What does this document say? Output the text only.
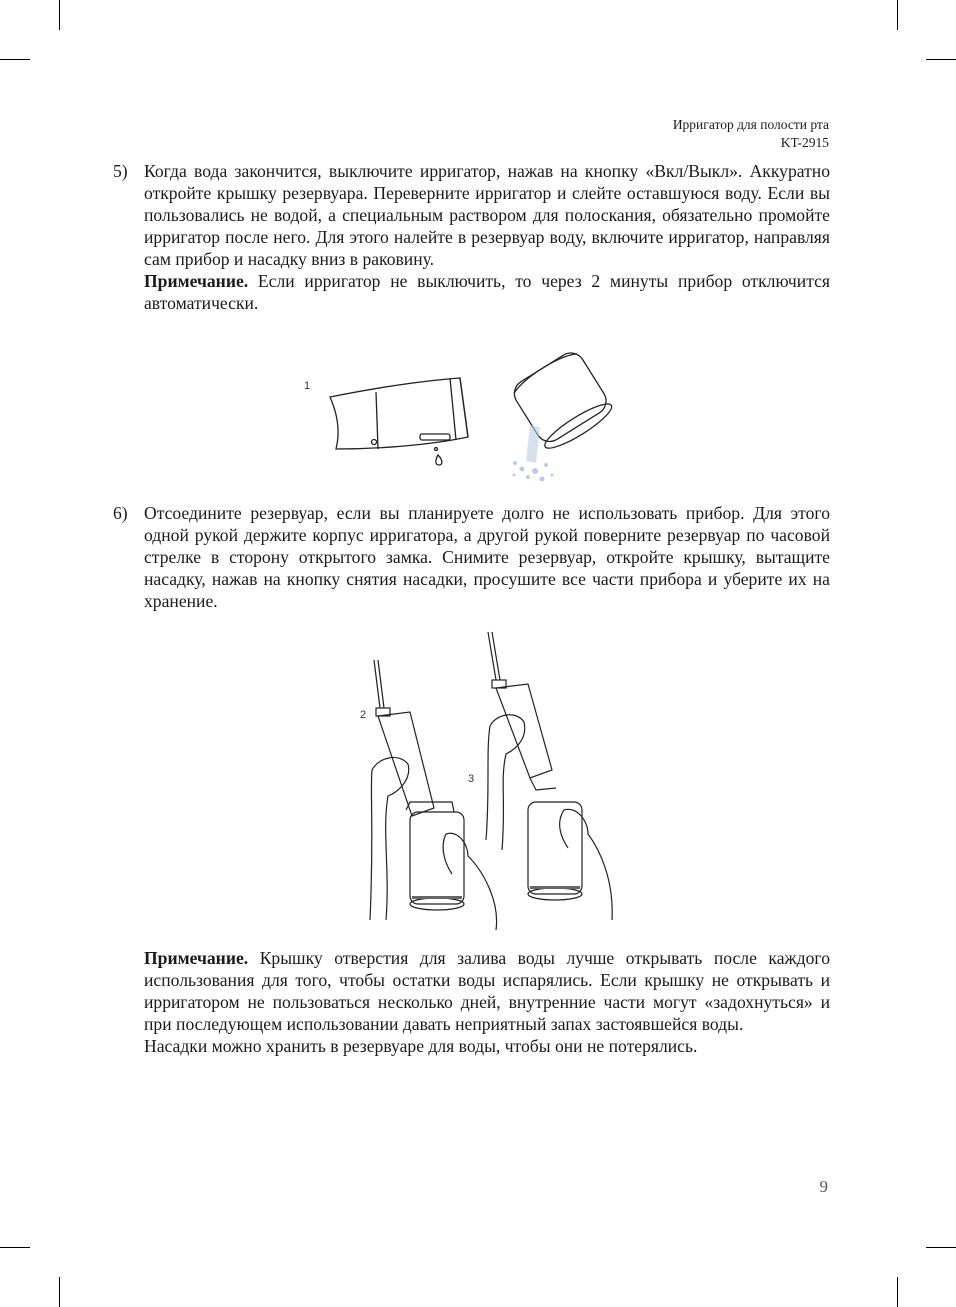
Ирригатор для полости рта
KT-2915
5) Когда вода закончится, выключите ирригатор, нажав на кнопку «Вкл/Выкл». Аккуратно откройте крышку резервуара. Переверните ирригатор и слейте оставшуюся воду. Если вы пользовались не водой, а специальным раствором для полоскания, обязательно промойте ирригатор после него. Для этого налейте в резервуар воду, включите ирригатор, направляя сам прибор и насадку вниз в раковину.

Примечание. Если ирригатор не выключить, то через 2 минуты прибор отключится автоматически.

1
6) Отсоедините резервуар, если вы планируете долго не использовать прибор. Для этого одной рукой держите корпус ирригатора, а другой рукой поверните резервуар по часовой стрелке в сторону открытого замка. Снимите резервуар, откройте крышку, вытащите насадку, нажав на кнопку снятия насадки, просушите все части прибора и уберите их на хранение.

2
3

Примечание. Крышку отверстия для залива воды лучше открывать после каждого использования для того, чтобы остатки воды испарялись. Если крышку не открывать и ирригатором не пользоваться несколько дней, внутренние части могут «задохнуться» и при последующем использовании давать неприятный запах застоявшейся воды.

Насадки можно хранить в резервуаре для воды, чтобы они не потерялись.

9
